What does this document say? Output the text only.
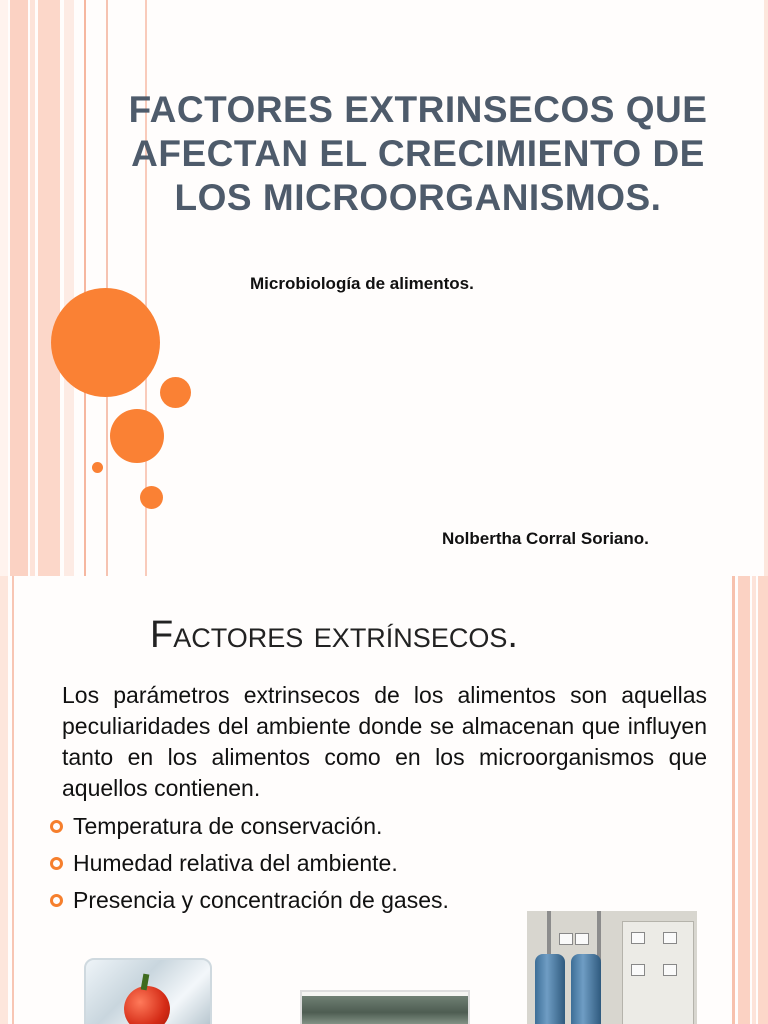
FACTORES EXTRINSECOS QUE
AFECTAN EL CRECIMIENTO DE
LOS MICROORGANISMOS.
Microbiología de alimentos.
Nolbertha Corral Soriano.
Factores extrínsecos.
Los parámetros extrinsecos de los alimentos son aquellas peculiaridades del ambiente donde se almacenan que influyen tanto en los alimentos como en los microorganismos que aquellos contienen.
Temperatura de conservación.
Humedad relativa del ambiente.
Presencia y concentración de gases.
